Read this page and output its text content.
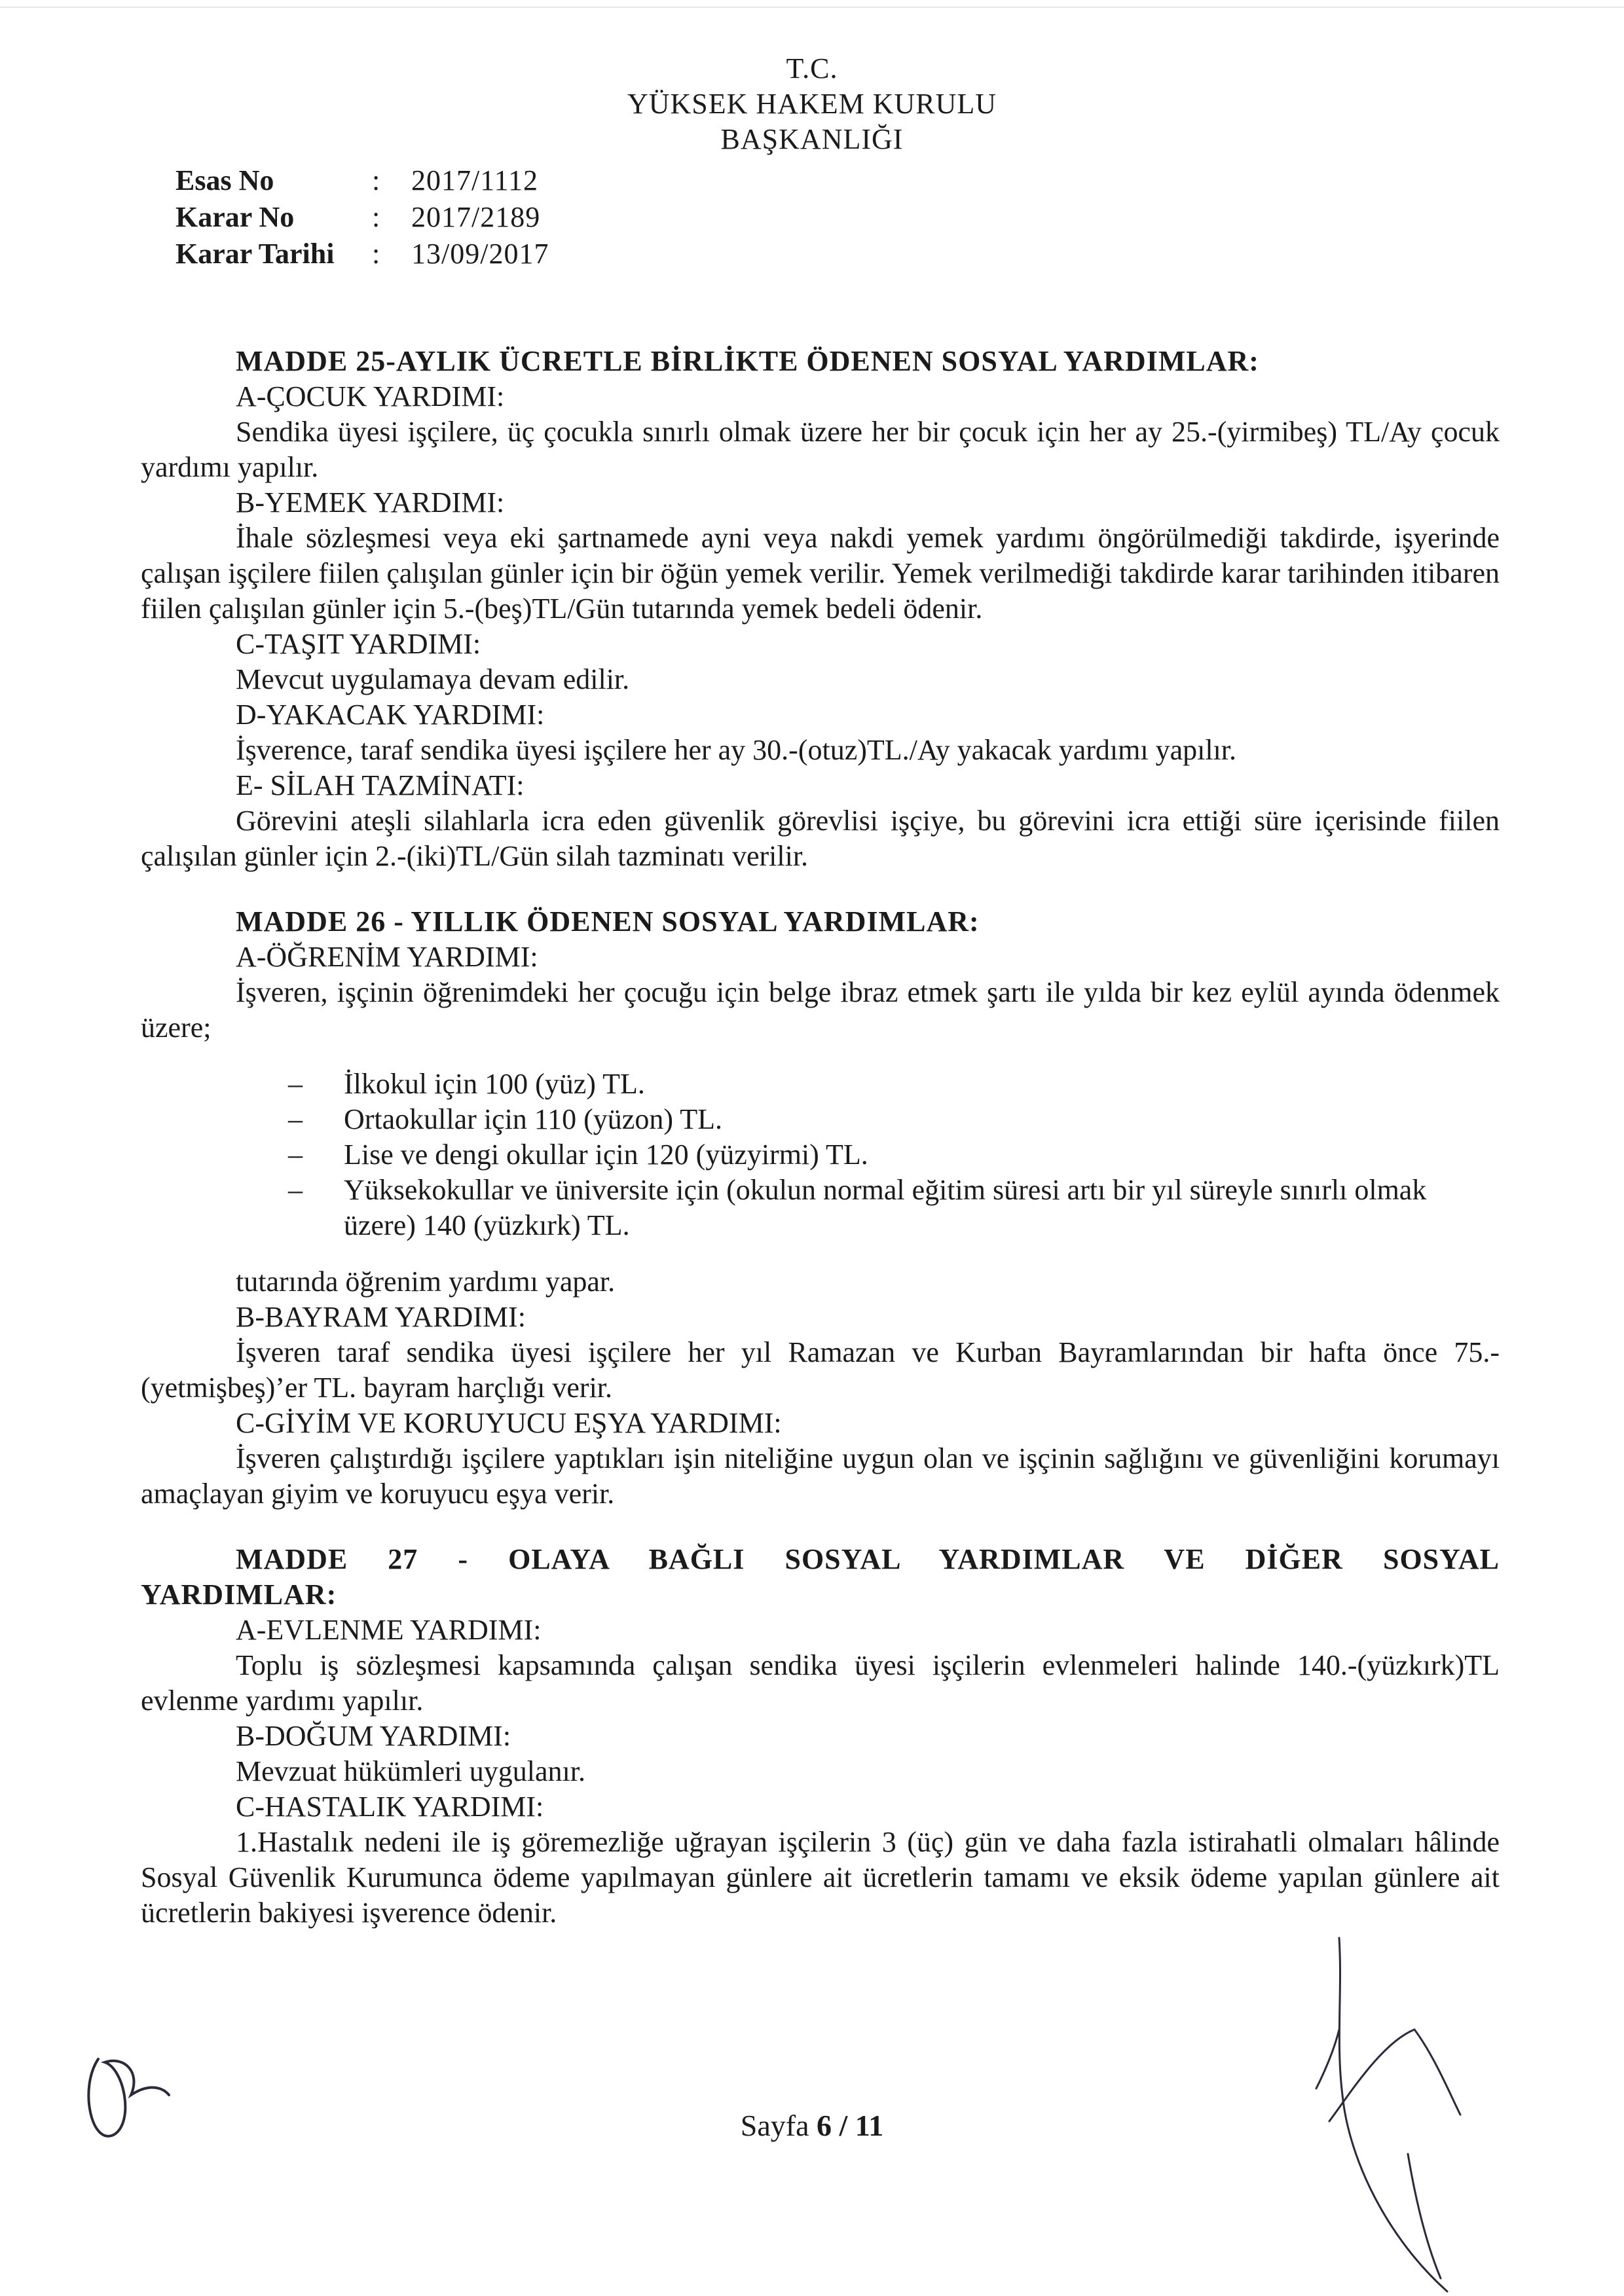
T.C.
YÜKSEK HAKEM KURULU
BAŞKANLIĞI
Esas No	:	2017/1112
Karar No	:	2017/2189
Karar Tarihi	:	13/09/2017
MADDE 25-AYLIK ÜCRETLE BİRLİKTE ÖDENEN SOSYAL YARDIMLAR:
A-ÇOCUK YARDIMI:
Sendika üyesi işçilere, üç çocukla sınırlı olmak üzere her bir çocuk için her ay 25.-(yirmibeş) TL/Ay çocuk yardımı yapılır.
B-YEMEK YARDIMI:
İhale sözleşmesi veya eki şartnamede ayni veya nakdi yemek yardımı öngörülmediği takdirde, işyerinde çalışan işçilere fiilen çalışılan günler için bir öğün yemek verilir. Yemek verilmediği takdirde karar tarihinden itibaren fiilen çalışılan günler için 5.-(beş)TL/Gün tutarında yemek bedeli ödenir.
C-TAŞIT YARDIMI:
Mevcut uygulamaya devam edilir.
D-YAKACAK YARDIMI:
İşverence, taraf sendika üyesi işçilere her ay 30.-(otuz)TL./Ay yakacak yardımı yapılır.
E- SİLAH TAZMİNATI:
Görevini ateşli silahlarla icra eden güvenlik görevlisi işçiye, bu görevini icra ettiği süre içerisinde fiilen çalışılan günler için 2.-(iki)TL/Gün silah tazminatı verilir.
MADDE 26 - YILLIK ÖDENEN SOSYAL YARDIMLAR:
A-ÖĞRENİM YARDIMI:
İşveren, işçinin öğrenimdeki her çocuğu için belge ibraz etmek şartı ile yılda bir kez eylül ayında ödenmek üzere;
– İlkokul için 100 (yüz) TL.
– Ortaokullar için 110 (yüzon) TL.
– Lise ve dengi okullar için 120 (yüzyirmi) TL.
– Yüksekokullar ve üniversite için (okulun normal eğitim süresi artı bir yıl süreyle sınırlı olmak üzere) 140 (yüzkırk) TL.
tutarında öğrenim yardımı yapar.
B-BAYRAM YARDIMI:
İşveren taraf sendika üyesi işçilere her yıl Ramazan ve Kurban Bayramlarından bir hafta önce 75.-(yetmişbeş)’er TL. bayram harçlığı verir.
C-GİYİM VE KORUYUCU EŞYA YARDIMI:
İşveren çalıştırdığı işçilere yaptıkları işin niteliğine uygun olan ve işçinin sağlığını ve güvenliğini korumayı amaçlayan giyim ve koruyucu eşya verir.
MADDE 27 - OLAYA BAĞLI SOSYAL YARDIMLAR VE DİĞER SOSYAL YARDIMLAR:
A-EVLENME YARDIMI:
Toplu iş sözleşmesi kapsamında çalışan sendika üyesi işçilerin evlenmeleri halinde 140.-(yüzkırk)TL evlenme yardımı yapılır.
B-DOĞUM YARDIMI:
Mevzuat hükümleri uygulanır.
C-HASTALIK YARDIMI:
1.Hastalık nedeni ile iş göremezliğe uğrayan işçilerin 3 (üç) gün ve daha fazla istirahatli olmaları hâlinde Sosyal Güvenlik Kurumunca ödeme yapılmayan günlere ait ücretlerin tamamı ve eksik ödeme yapılan günlere ait ücretlerin bakiyesi işverence ödenir.
Sayfa 6 / 11
